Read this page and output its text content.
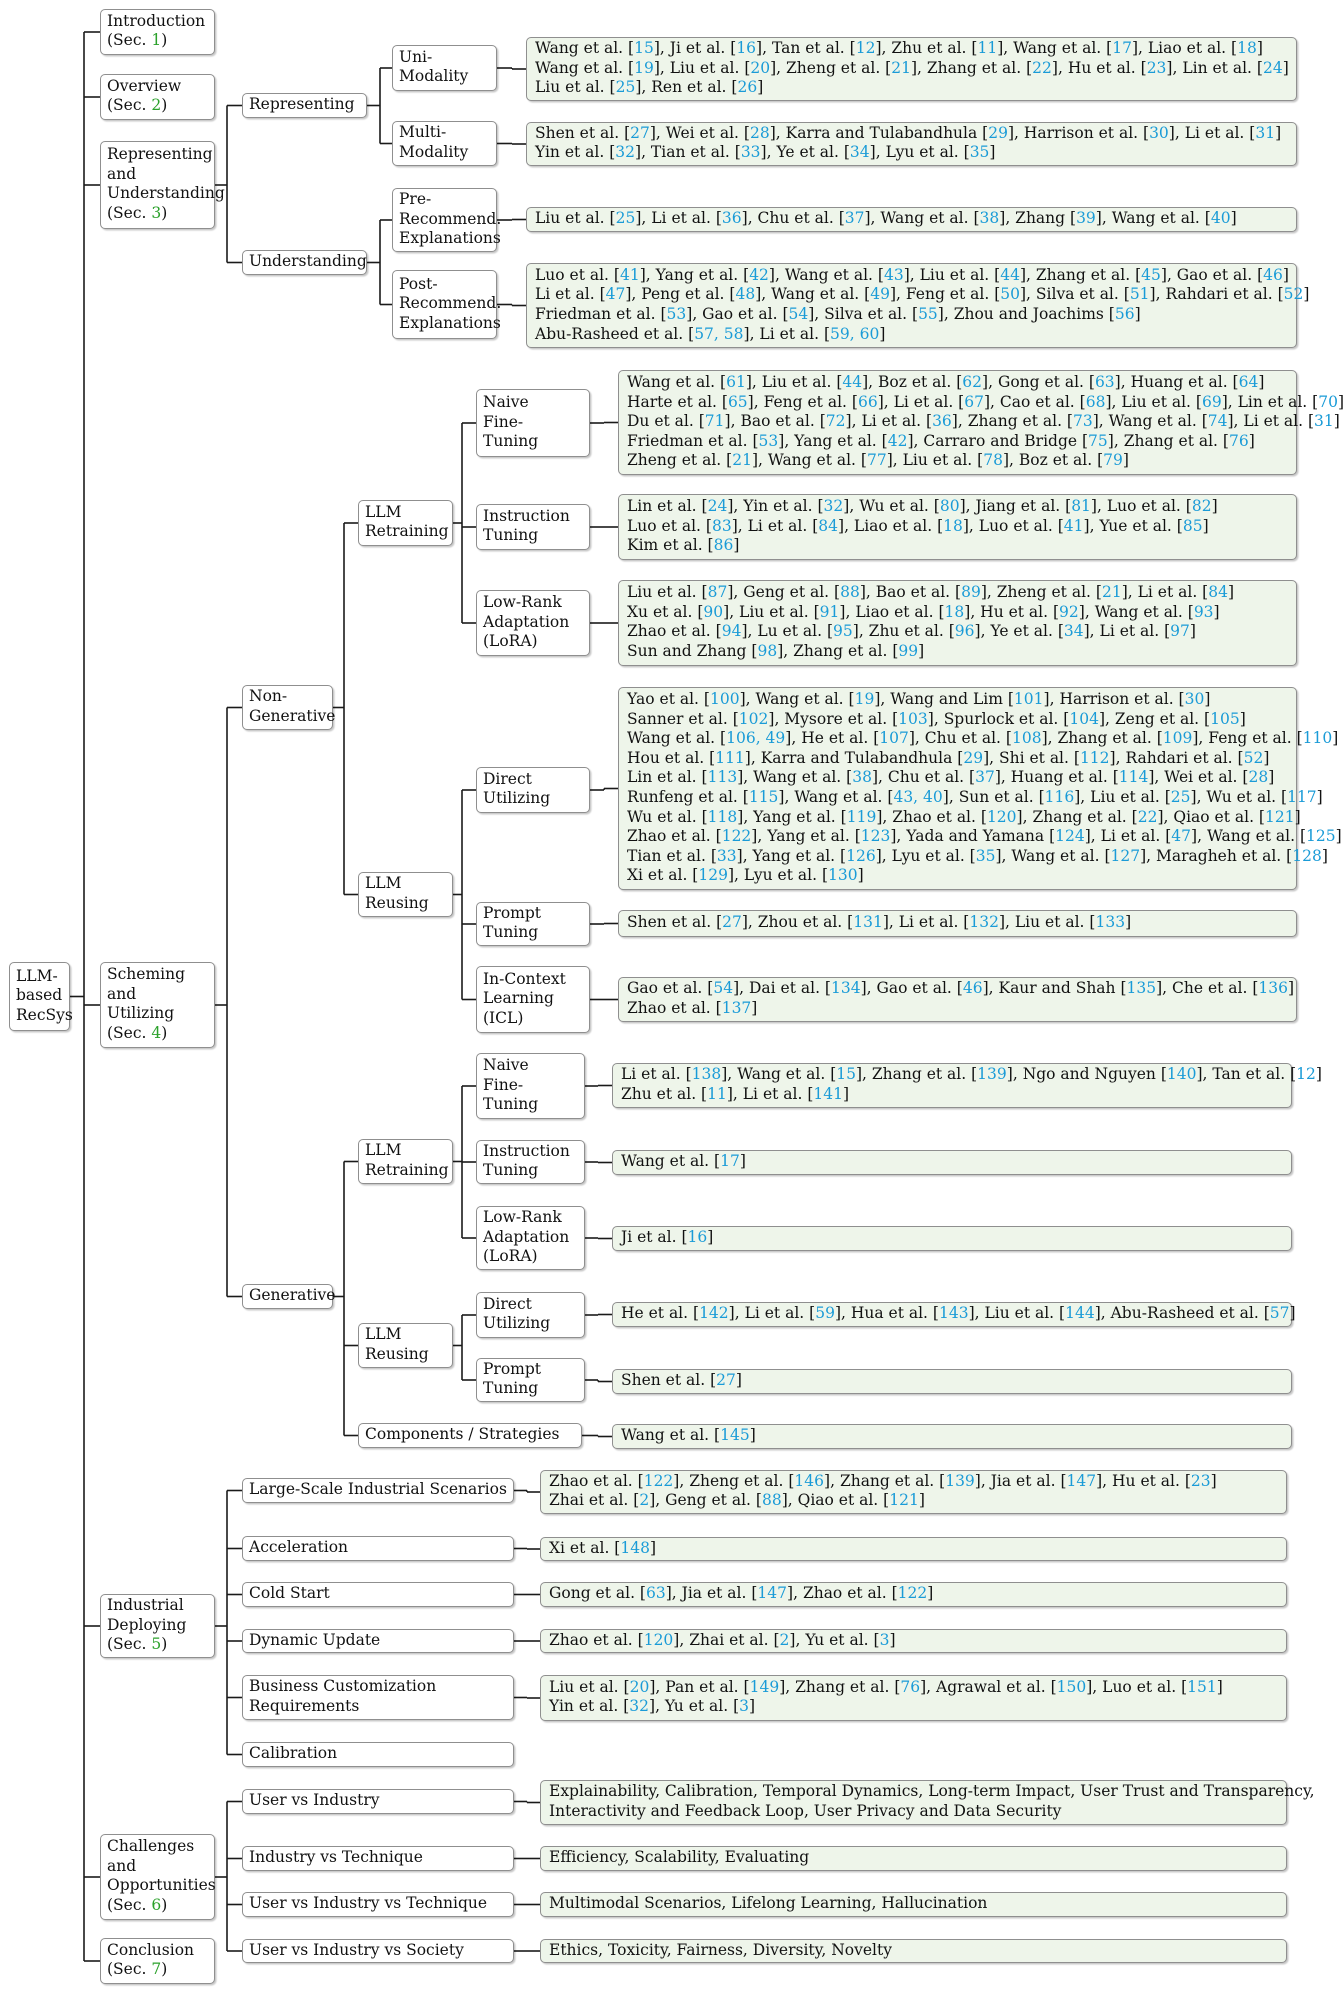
LLM-
based
RecSys
Introduction
(Sec. 1)
Overview
(Sec. 2)
Representing
and
Understanding
(Sec. 3)
Scheming
and
Utilizing
(Sec. 4)
Industrial
Deploying
(Sec. 5)
Challenges
and
Opportunities
(Sec. 6)
Conclusion
(Sec. 7)
Representing
Uni-
Modality
Multi-
Modality
Understanding
Pre-
Recommend.
Explanations
Post-
Recommend.
Explanations
Non-
Generative
LLM
Retraining
Naive
Fine-
Tuning
Instruction
Tuning
Low-Rank
Adaptation
(LoRA)
LLM
Reusing
Direct
Utilizing
Prompt
Tuning
In-Context
Learning
(ICL)
Generative
LLM
Retraining
Naive
Fine-
Tuning
Instruction
Tuning
Low-Rank
Adaptation
(LoRA)
LLM
Reusing
Direct
Utilizing
Prompt
Tuning
Components / Strategies
Large-Scale Industrial Scenarios
Acceleration
Cold Start
Dynamic Update
Business Customization
Requirements
Calibration
User vs Industry
Industry vs Technique
User vs Industry vs Technique
User vs Industry vs Society
Wang et al. [15], Ji et al. [16], Tan et al. [12], Zhu et al. [11], Wang et al. [17], Liao et al. [18]
Wang et al. [19], Liu et al. [20], Zheng et al. [21], Zhang et al. [22], Hu et al. [23], Lin et al. [24]
Liu et al. [25], Ren et al. [26]
Shen et al. [27], Wei et al. [28], Karra and Tulabandhula [29], Harrison et al. [30], Li et al. [31]
Yin et al. [32], Tian et al. [33], Ye et al. [34], Lyu et al. [35]
Liu et al. [25], Li et al. [36], Chu et al. [37], Wang et al. [38], Zhang [39], Wang et al. [40]
Luo et al. [41], Yang et al. [42], Wang et al. [43], Liu et al. [44], Zhang et al. [45], Gao et al. [46]
Li et al. [47], Peng et al. [48], Wang et al. [49], Feng et al. [50], Silva et al. [51], Rahdari et al. [52]
Friedman et al. [53], Gao et al. [54], Silva et al. [55], Zhou and Joachims [56]
Abu-Rasheed et al. [57, 58], Li et al. [59, 60]
Wang et al. [61], Liu et al. [44], Boz et al. [62], Gong et al. [63], Huang et al. [64]
Harte et al. [65], Feng et al. [66], Li et al. [67], Cao et al. [68], Liu et al. [69], Lin et al. [70]
Du et al. [71], Bao et al. [72], Li et al. [36], Zhang et al. [73], Wang et al. [74], Li et al. [31]
Friedman et al. [53], Yang et al. [42], Carraro and Bridge [75], Zhang et al. [76]
Zheng et al. [21], Wang et al. [77], Liu et al. [78], Boz et al. [79]
Lin et al. [24], Yin et al. [32], Wu et al. [80], Jiang et al. [81], Luo et al. [82]
Luo et al. [83], Li et al. [84], Liao et al. [18], Luo et al. [41], Yue et al. [85]
Kim et al. [86]
Liu et al. [87], Geng et al. [88], Bao et al. [89], Zheng et al. [21], Li et al. [84]
Xu et al. [90], Liu et al. [91], Liao et al. [18], Hu et al. [92], Wang et al. [93]
Zhao et al. [94], Lu et al. [95], Zhu et al. [96], Ye et al. [34], Li et al. [97]
Sun and Zhang [98], Zhang et al. [99]
Yao et al. [100], Wang et al. [19], Wang and Lim [101], Harrison et al. [30]
Sanner et al. [102], Mysore et al. [103], Spurlock et al. [104], Zeng et al. [105]
Wang et al. [106, 49], He et al. [107], Chu et al. [108], Zhang et al. [109], Feng et al. [110]
Hou et al. [111], Karra and Tulabandhula [29], Shi et al. [112], Rahdari et al. [52]
Lin et al. [113], Wang et al. [38], Chu et al. [37], Huang et al. [114], Wei et al. [28]
Runfeng et al. [115], Wang et al. [43, 40], Sun et al. [116], Liu et al. [25], Wu et al. [117]
Wu et al. [118], Yang et al. [119], Zhao et al. [120], Zhang et al. [22], Qiao et al. [121]
Zhao et al. [122], Yang et al. [123], Yada and Yamana [124], Li et al. [47], Wang et al. [125]
Tian et al. [33], Yang et al. [126], Lyu et al. [35], Wang et al. [127], Maragheh et al. [128]
Xi et al. [129], Lyu et al. [130]
Shen et al. [27], Zhou et al. [131], Li et al. [132], Liu et al. [133]
Gao et al. [54], Dai et al. [134], Gao et al. [46], Kaur and Shah [135], Che et al. [136]
Zhao et al. [137]
Li et al. [138], Wang et al. [15], Zhang et al. [139], Ngo and Nguyen [140], Tan et al. [12]
Zhu et al. [11], Li et al. [141]
Wang et al. [17]
Ji et al. [16]
He et al. [142], Li et al. [59], Hua et al. [143], Liu et al. [144], Abu-Rasheed et al. [57]
Shen et al. [27]
Wang et al. [145]
Zhao et al. [122], Zheng et al. [146], Zhang et al. [139], Jia et al. [147], Hu et al. [23]
Zhai et al. [2], Geng et al. [88], Qiao et al. [121]
Xi et al. [148]
Gong et al. [63], Jia et al. [147], Zhao et al. [122]
Zhao et al. [120], Zhai et al. [2], Yu et al. [3]
Liu et al. [20], Pan et al. [149], Zhang et al. [76], Agrawal et al. [150], Luo et al. [151]
Yin et al. [32], Yu et al. [3]
Explainability, Calibration, Temporal Dynamics, Long-term Impact, User Trust and Transparency,
Interactivity and Feedback Loop, User Privacy and Data Security
Efficiency, Scalability, Evaluating
Multimodal Scenarios, Lifelong Learning, Hallucination
Ethics, Toxicity, Fairness, Diversity, Novelty
